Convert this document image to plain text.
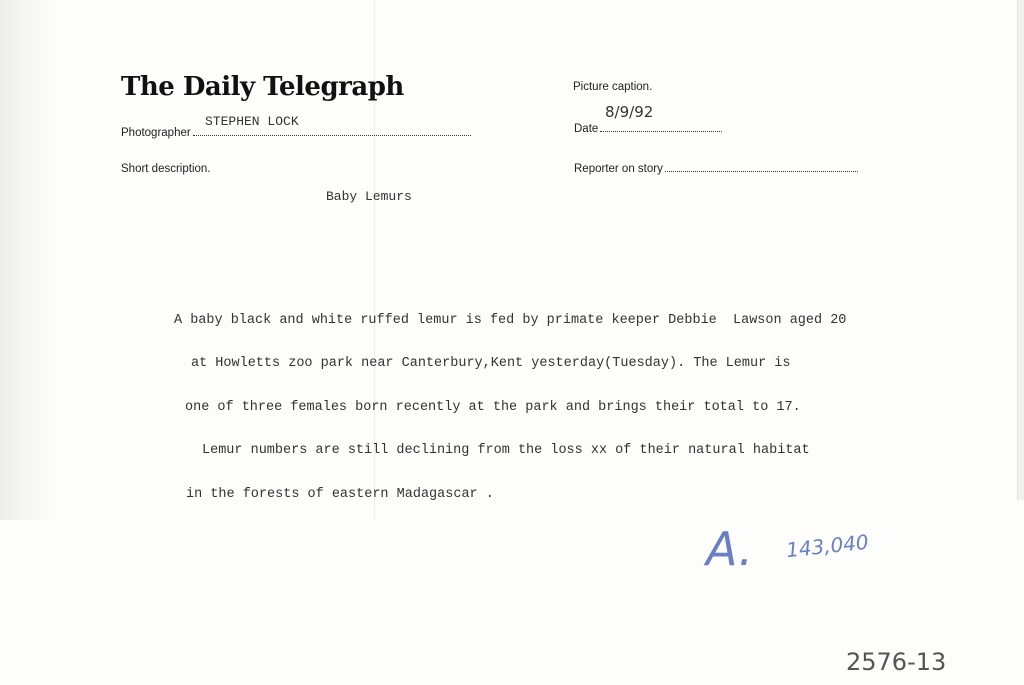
The Daily Telegraph
STEPHEN LOCK
Photographer
Picture caption.
8/9/92
Date
Short description.	Reporter on story
Baby Lemurs
A baby black and white ruffed lemur is fed by primate keeper Debbie  Lawson aged 20
at Howletts zoo park near Canterbury,Kent yesterday(Tuesday). The Lemur is
one of three females born recently at the park and brings their total to 17.
Lemur numbers are still declining from the loss xx of their natural habitat
in the forests of eastern Madagascar .
A. 143,040
2576-13
